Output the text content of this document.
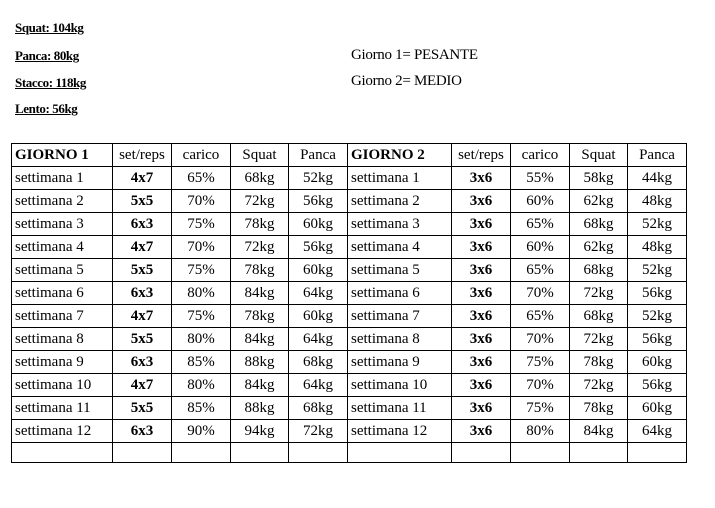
Squat: 104kg
Panca: 80kg
Stacco: 118kg
Lento: 56kg
Giorno 1= PESANTE
Giorno 2= MEDIO
GIORNO 1	set/reps	carico	Squat	Panca	GIORNO 2	set/reps	carico	Squat	Panca
settimana 1	4x7	65%	68kg	52kg	settimana 1	3x6	55%	58kg	44kg
settimana 2	5x5	70%	72kg	56kg	settimana 2	3x6	60%	62kg	48kg
settimana 3	6x3	75%	78kg	60kg	settimana 3	3x6	65%	68kg	52kg
settimana 4	4x7	70%	72kg	56kg	settimana 4	3x6	60%	62kg	48kg
settimana 5	5x5	75%	78kg	60kg	settimana 5	3x6	65%	68kg	52kg
settimana 6	6x3	80%	84kg	64kg	settimana 6	3x6	70%	72kg	56kg
settimana 7	4x7	75%	78kg	60kg	settimana 7	3x6	65%	68kg	52kg
settimana 8	5x5	80%	84kg	64kg	settimana 8	3x6	70%	72kg	56kg
settimana 9	6x3	85%	88kg	68kg	settimana 9	3x6	75%	78kg	60kg
settimana 10	4x7	80%	84kg	64kg	settimana 10	3x6	70%	72kg	56kg
settimana 11	5x5	85%	88kg	68kg	settimana 11	3x6	75%	78kg	60kg
settimana 12	6x3	90%	94kg	72kg	settimana 12	3x6	80%	84kg	64kg
